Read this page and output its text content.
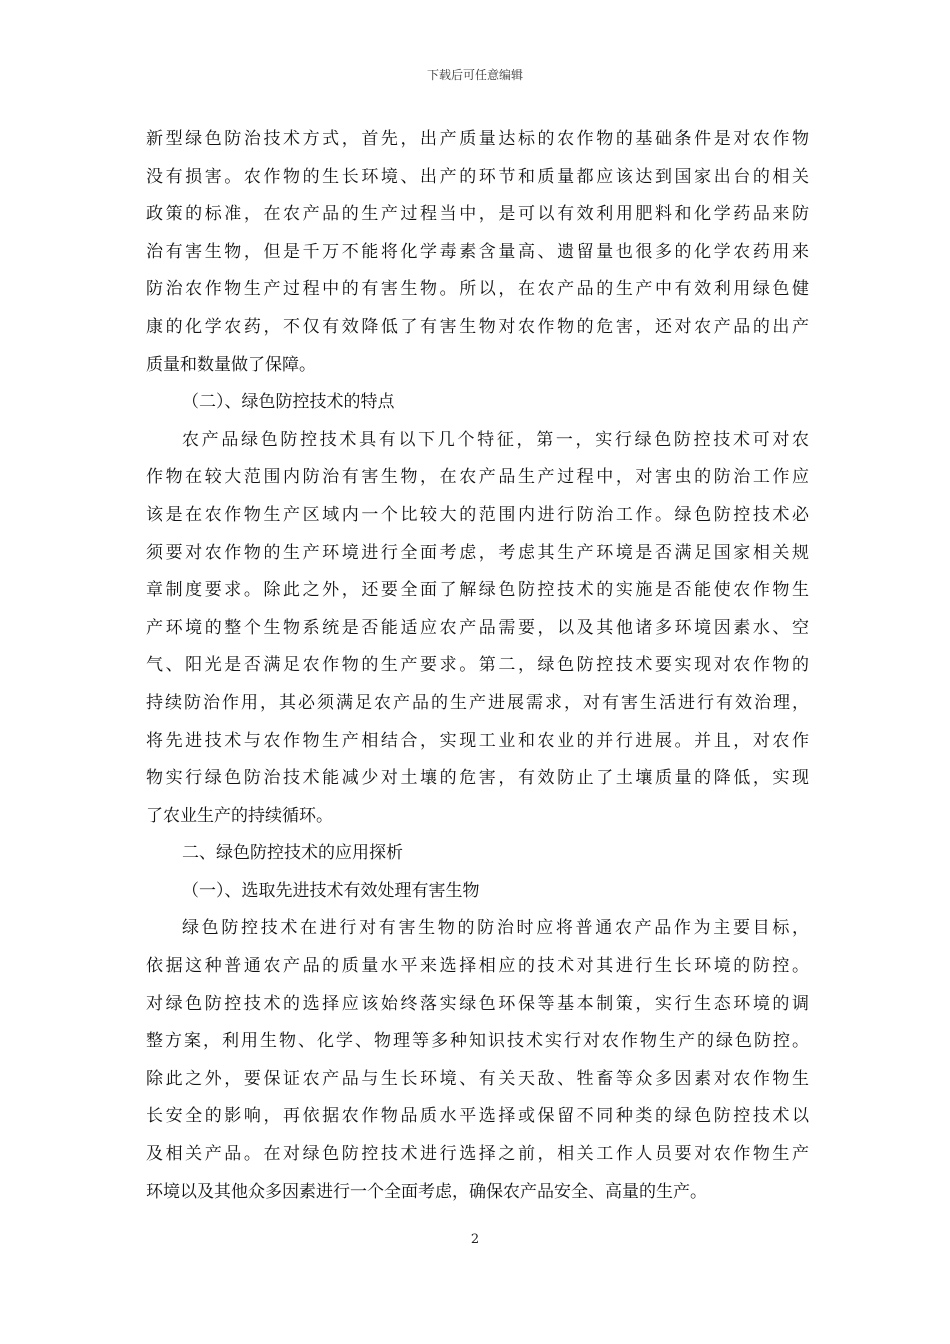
下载后可任意编辑
新型绿色防治技术方式，首先，出产质量达标的农作物的基础条件是对农作物
没有损害。农作物的生长环境、出产的环节和质量都应该达到国家出台的相关
政策的标准，在农产品的生产过程当中，是可以有效利用肥料和化学药品来防
治有害生物，但是千万不能将化学毒素含量高、遗留量也很多的化学农药用来
防治农作物生产过程中的有害生物。所以，在农产品的生产中有效利用绿色健
康的化学农药，不仅有效降低了有害生物对农作物的危害，还对农产品的出产
质量和数量做了保障。
（二）、绿色防控技术的特点
农产品绿色防控技术具有以下几个特征，第一，实行绿色防控技术可对农
作物在较大范围内防治有害生物，在农产品生产过程中，对害虫的防治工作应
该是在农作物生产区域内一个比较大的范围内进行防治工作。绿色防控技术必
须要对农作物的生产环境进行全面考虑，考虑其生产环境是否满足国家相关规
章制度要求。除此之外，还要全面了解绿色防控技术的实施是否能使农作物生
产环境的整个生物系统是否能适应农产品需要，以及其他诸多环境因素水、空
气、阳光是否满足农作物的生产要求。第二，绿色防控技术要实现对农作物的
持续防治作用，其必须满足农产品的生产进展需求，对有害生活进行有效治理，
将先进技术与农作物生产相结合，实现工业和农业的并行进展。并且，对农作
物实行绿色防治技术能减少对土壤的危害，有效防止了土壤质量的降低，实现
了农业生产的持续循环。
二、绿色防控技术的应用探析
（一）、选取先进技术有效处理有害生物
绿色防控技术在进行对有害生物的防治时应将普通农产品作为主要目标，
依据这种普通农产品的质量水平来选择相应的技术对其进行生长环境的防控。
对绿色防控技术的选择应该始终落实绿色环保等基本制策，实行生态环境的调
整方案，利用生物、化学、物理等多种知识技术实行对农作物生产的绿色防控。
除此之外，要保证农产品与生长环境、有关天敌、牲畜等众多因素对农作物生
长安全的影响，再依据农作物品质水平选择或保留不同种类的绿色防控技术以
及相关产品。在对绿色防控技术进行选择之前，相关工作人员要对农作物生产
环境以及其他众多因素进行一个全面考虑，确保农产品安全、高量的生产。
2
